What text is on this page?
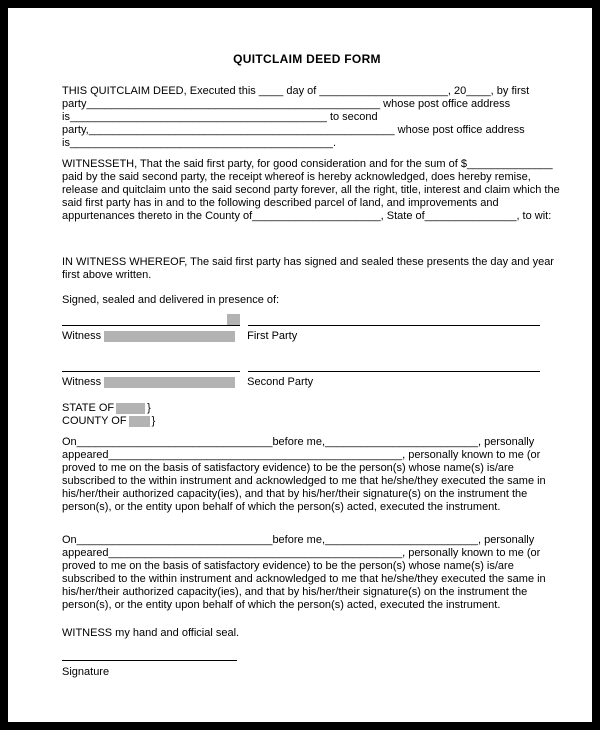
QUITCLAIM DEED FORM
THIS QUITCLAIM DEED, Executed this ____ day of _____________________, 20____, by first
party________________________________________________ whose post office address
is__________________________________________ to second
party,__________________________________________________ whose post office address
is___________________________________________.
WITNESSETH, That the said first party, for good consideration and for the sum of $______________
paid by the said second party, the receipt whereof is hereby acknowledged, does hereby remise,
release and quitclaim unto the said second party forever, all the right, title, interest and claim which the
said first party has in and to the following described parcel of land, and improvements and
appurtenances thereto in the County of_____________________, State of_______________, to wit:
IN WITNESS WHEREOF, The said first party has signed and sealed these presents the day and year
first above written.
Signed, sealed and delivered in presence of:
Witness	First Party
Witness	Second Party
STATE OF	}
COUNTY OF }
On________________________________before me,_________________________, personally
appeared________________________________________________, personally known to me (or
proved to me on the basis of satisfactory evidence) to be the person(s) whose name(s) is/are
subscribed to the within instrument and acknowledged to me that he/she/they executed the same in
his/her/their authorized capacity(ies), and that by his/her/their signature(s) on the instrument the
person(s), or the entity upon behalf of which the person(s) acted, executed the instrument.
On________________________________before me,_________________________, personally
appeared________________________________________________, personally known to me (or
proved to me on the basis of satisfactory evidence) to be the person(s) whose name(s) is/are
subscribed to the within instrument and acknowledged to me that he/she/they executed the same in
his/her/their authorized capacity(ies), and that by his/her/their signature(s) on the instrument the
person(s), or the entity upon behalf of which the person(s) acted, executed the instrument.
WITNESS my hand and official seal.
Signature
